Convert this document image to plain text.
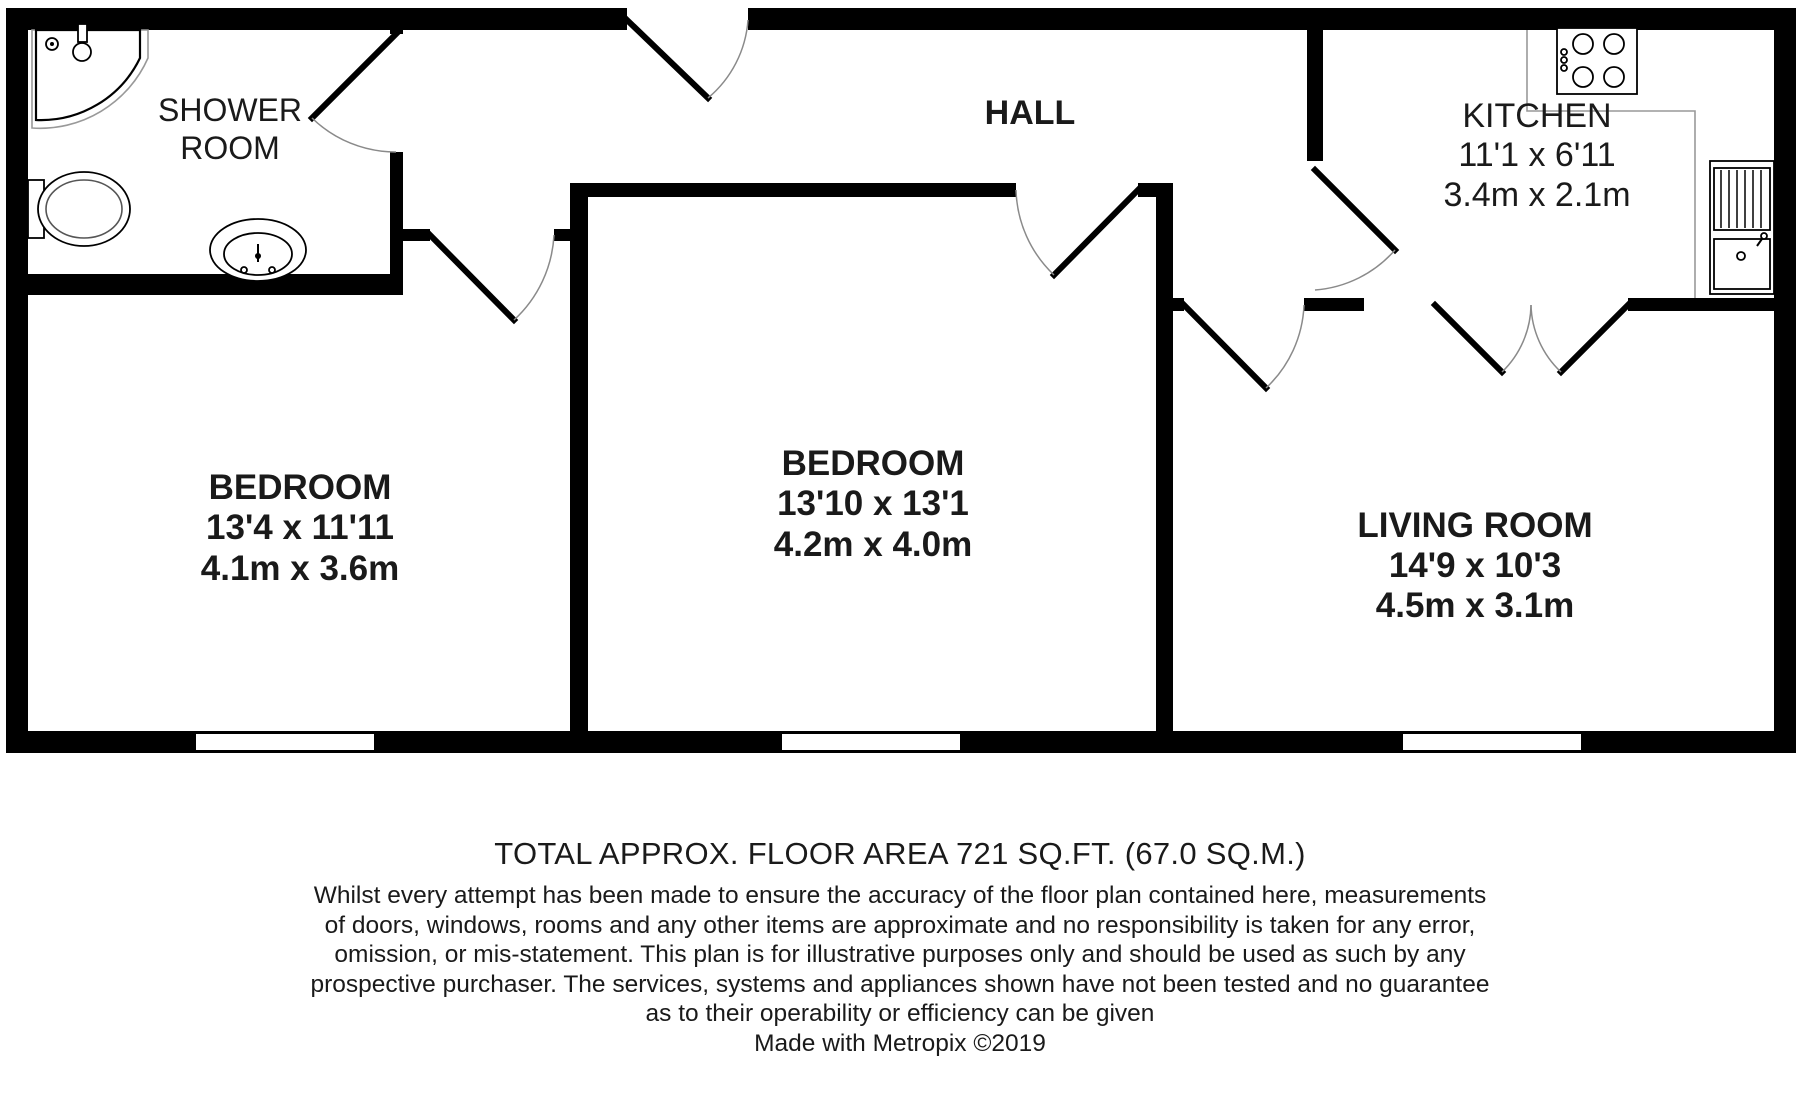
SHOWER
ROOM
HALL	KITCHEN
11'1 x 6'11
3.4m x 2.1m
BEDROOM
13'4 x 11'11
4.1m x 3.6m
BEDROOM
13'10 x 13'1
4.2m x 4.0m	LIVING ROOM
14'9 x 10'3
4.5m x 3.1m
TOTAL APPROX. FLOOR AREA 721 SQ.FT. (67.0 SQ.M.)
Whilst every attempt has been made to ensure the accuracy of the floor plan contained here, measurements
of doors, windows, rooms and any other items are approximate and no responsibility is taken for any error,
omission, or mis-statement. This plan is for illustrative purposes only and should be used as such by any
prospective purchaser. The services, systems and appliances shown have not been tested and no guarantee
as to their operability or efficiency can be given
Made with Metropix ©2019
